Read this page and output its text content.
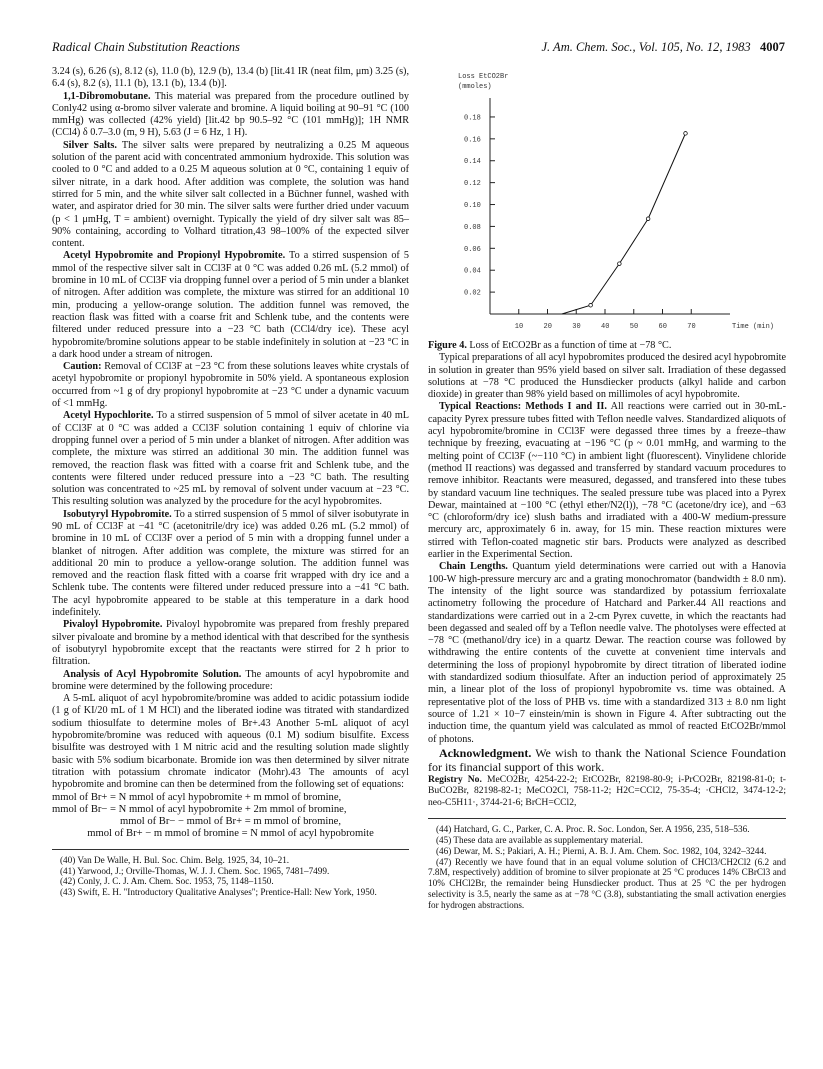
Radical Chain Substitution Reactions	J. Am. Chem. Soc., Vol. 105, No. 12, 1983 4007

3.24 (s), 6.26 (s), 8.12 (s), 11.0 (b), 12.9 (b), 13.4 (b) [lit.41 IR (neat film, μm) 3.25 (s), 6.4 (s), 8.2 (s), 11.1 (b), 13.1 (b), 13.4 (b)].

1,1-Dibromobutane. This material was prepared from the procedure outlined by Conly42 using α-bromo silver valerate and bromine. A liquid boiling at 90–91 °C (100 mmHg) was collected (42% yield) [lit.42 bp 90.5–92 °C (101 mmHg)]; 1H NMR (CCl4) δ 0.7–3.0 (m, 9 H), 5.63 (J = 6 Hz, 1 H).

Silver Salts. The silver salts were prepared by neutralizing a 0.25 M aqueous solution of the parent acid with concentrated ammonium hydroxide. This solution was cooled to 0 °C and added to a 0.25 M aqueous solution at 0 °C, containing 1 equiv of silver nitrate, in a dark hood. After addition was complete, the solution was hand stirred for 5 min, and the white silver salt collected in a Büchner funnel, washed with water, and aspirator dried for 30 min. The silver salts were further dried under vacuum (p < 1 μmHg, T = ambient) overnight. Typically the yield of dry silver salt was 85–90% containing, according to Volhard titration,43 98–100% of the expected silver content.

Acetyl Hypobromite and Propionyl Hypobromite. To a stirred suspension of 5 mmol of the respective silver salt in CCl3F at 0 °C was added 0.26 mL (5.2 mmol) of bromine in 10 mL of CCl3F via dropping funnel over a period of 5 min under a blanket of nitrogen. After addition was complete, the mixture was stirred for an additional 10 min, producing a yellow-orange solution. The addition funnel was removed, the reaction flask was fitted with a coarse frit and Schlenk tube, and the contents were filtered under reduced pressure into a −23 °C bath (CCl4/dry ice). These acyl hypobromite/bromine solutions appear to be stable indefinitely in solution at −23 °C in a dark hood under a stream of nitrogen.

Caution: Removal of CCl3F at −23 °C from these solutions leaves white crystals of acetyl hypobromite or propionyl hypobromite in 50% yield. A spontaneous explosion occurred from ~1 g of dry propionyl hypobromite at −23 °C under a dynamic vacuum of <1 mmHg.

Acetyl Hypochlorite. To a stirred suspension of 5 mmol of silver acetate in 40 mL of CCl3F at 0 °C was added a CCl3F solution containing 1 equiv of chlorine via dropping funnel over a period of 5 min under a blanket of nitrogen. After addition was complete, the mixture was stirred an additional 30 min. The addition funnel was removed, the reaction flask was fitted with a coarse frit and Schlenk tube, and the contents were filtered under reduced pressure into a −23 °C bath. The resulting solution was concentrated to ~25 mL by removal of solvent under vacuum at −23 °C. This resulting solution was analyzed by the procedure for the acyl hypobromites.

Isobutyryl Hypobromite. To a stirred suspension of 5 mmol of silver isobutyrate in 90 mL of CCl3F at −41 °C (acetonitrile/dry ice) was added 0.26 mL (5.2 mmol) of bromine in 10 mL of CCl3F over a period of 5 min with a dropping funnel under a blanket of nitrogen. After addition was complete, the mixture was stirred for an additional 20 min to produce a yellow-orange solution. The addition funnel was removed and the reaction flask fitted with a coarse frit wrapped with dry ice and a Schlenk tube. The contents were filtered under reduced pressure into a −41 °C bath. The acyl hypobromite appeared to be stable at this temperature in a dark hood indefinitely.

Pivaloyl Hypobromite. Pivaloyl hypobromite was prepared from freshly prepared silver pivaloate and bromine by a method identical with that described for the synthesis of isobutyryl hypobromite except that the reactants were stirred for 2 h prior to filtration.

Analysis of Acyl Hypobromite Solution. The amounts of acyl hypobromite and bromine were determined by the following procedure:

A 5-mL aliquot of acyl hypobromite/bromine was added to acidic potassium iodide (1 g of KI/20 mL of 1 M HCl) and the liberated iodine was titrated with standardized sodium thiosulfate to determine moles of Br+.43 Another 5-mL aliquot of acyl hypobromite/bromine was reduced with aqueous (0.1 M) sodium bisulfite. Excess bisulfite was destroyed with 1 M nitric acid and the resulting solution made slightly basic with 5% sodium bicarbonate. Bromide ion was then determined by silver nitrate titration with potassium chromate indicator (Mohr).43 The amounts of acyl hypobromite and bromine can then be determined from the following set of equations:

mmol of Br+ = N mmol of acyl hypobromite + m mmol of bromine,

mmol of Br− = N mmol of acyl hypobromite + 2m mmol of bromine,

mmol of Br− − mmol of Br+ = m mmol of bromine,

mmol of Br+ − m mmol of bromine = N mmol of acyl hypobromite

(40) Van De Walle, H. Bul. Soc. Chim. Belg. 1925, 34, 10–21.

(41) Yarwood, J.; Orville-Thomas, W. J. J. Chem. Soc. 1965, 7481–7499.

(42) Conly, J. C. J. Am. Chem. Soc. 1953, 75, 1148–1150.

(43) Swift, E. H. "Introductory Qualitative Analyses"; Prentice-Hall: New York, 1950.

Loss EtCO2Br
(mmoles)
0.02
0.04
0.06
0.08
0.10
0.12
0.14
0.16
0.18
10	20	30	40	50	60	70	Time (min)

Figure 4. Loss of EtCO2Br as a function of time at −78 °C.

Typical preparations of all acyl hypobromites produced the desired acyl hypobromite in solution in greater than 95% yield based on silver salt. Irradiation of these degassed solutions at −78 °C produced the Hunsdiecker products (alkyl halide and carbon dioxide) in greater than 98% yield based on millimoles of acyl hypobromite.

Typical Reactions: Methods I and II. All reactions were carried out in 30-mL-capacity Pyrex pressure tubes fitted with Teflon needle valves. Standardized aliquots of acyl hypobromite/bromine in CCl3F were degassed three times by a freeze–thaw technique by freezing, evacuating at −196 °C (p ~ 0.01 mmHg, and warming to the melting point of CCl3F (~−110 °C) in ambient light (fluorescent). Vinylidene chloride (method II reactions) was degassed and transferred by standard vacuum procedures to remove inhibitor. Reactants were measured, degassed, and transfered into these tubes by standard vacuum line techniques. The sealed pressure tube was placed into a Pyrex Dewar, maintained at −100 °C (ethyl ether/N2(l)), −78 °C (acetone/dry ice), and −63 °C (chloroform/dry ice) slush baths and irradiated with a 400-W medium-pressure mercury arc, approximately 6 in. away, for 15 min. These reaction mixtures were stirred with Teflon-coated magnetic stir bars. Products were analyzed as described earlier in the Experimental Section.

Chain Lengths. Quantum yield determinations were carried out with a Hanovia 100-W high-pressure mercury arc and a grating monochromator (bandwidth ± 8.0 nm). The intensity of the light source was standardized by potassium ferrioxalate actinometry following the procedure of Hatchard and Parker.44 All reactions and standardizations were carried out in a 2-cm Pyrex cuvette, in which the reactants had been degassed and sealed off by a Teflon needle valve. The photolyses were effected at −78 °C (methanol/dry ice) in a quartz Dewar. The reaction course was followed by withdrawing the entire contents of the cuvette at convenient time intervals and determining the loss of propionyl hypobromite by direct titration of liberated iodine with standardized sodium thiosulfate. After an induction period of approximately 25 min, a linear plot of the loss of propionyl hypobromite vs. time was obtained. A representative plot of the loss of PHB vs. time with a standardized 313 ± 8.0 nm light source of 1.21 × 10−7 einstein/min is shown in Figure 4. After subtracting out the induction time, the quantum yield was calculated as mmol of reacted EtCO2Br/mmol of photons.

Acknowledgment. We wish to thank the National Science Foundation for its financial support of this work.

Registry No. MeCO2Br, 4254-22-2; EtCO2Br, 82198-80-9; i-PrCO2Br, 82198-81-0; t-BuCO2Br, 82198-82-1; MeCO2Cl, 758-11-2; H2C=CCl2, 75-35-4; ·CHCl2, 3474-12-2; neo-C5H11·, 3744-21-6; BrCH=CCl2,

(44) Hatchard, G. C., Parker, C. A. Proc. R. Soc. London, Ser. A 1956, 235, 518–536.

(45) These data are available as supplementary material.

(46) Dewar, M. S.; Pakiari, A. H.; Pierni, A. B. J. Am. Chem. Soc. 1982, 104, 3242–3244.

(47) Recently we have found that in an equal volume solution of CHCl3/CH2Cl2 (6.2 and 7.8M, respectively) addition of bromine to silver propionate at 25 °C produces 14% CBrCl3 and 10% CHCl2Br, the remainder being Hunsdiecker product. Thus at 25 °C the per hydrogen selectivity is 3.5, nearly the same as at −78 °C (3.8), substantiating the small activation energies for hydrogen abstractions.
